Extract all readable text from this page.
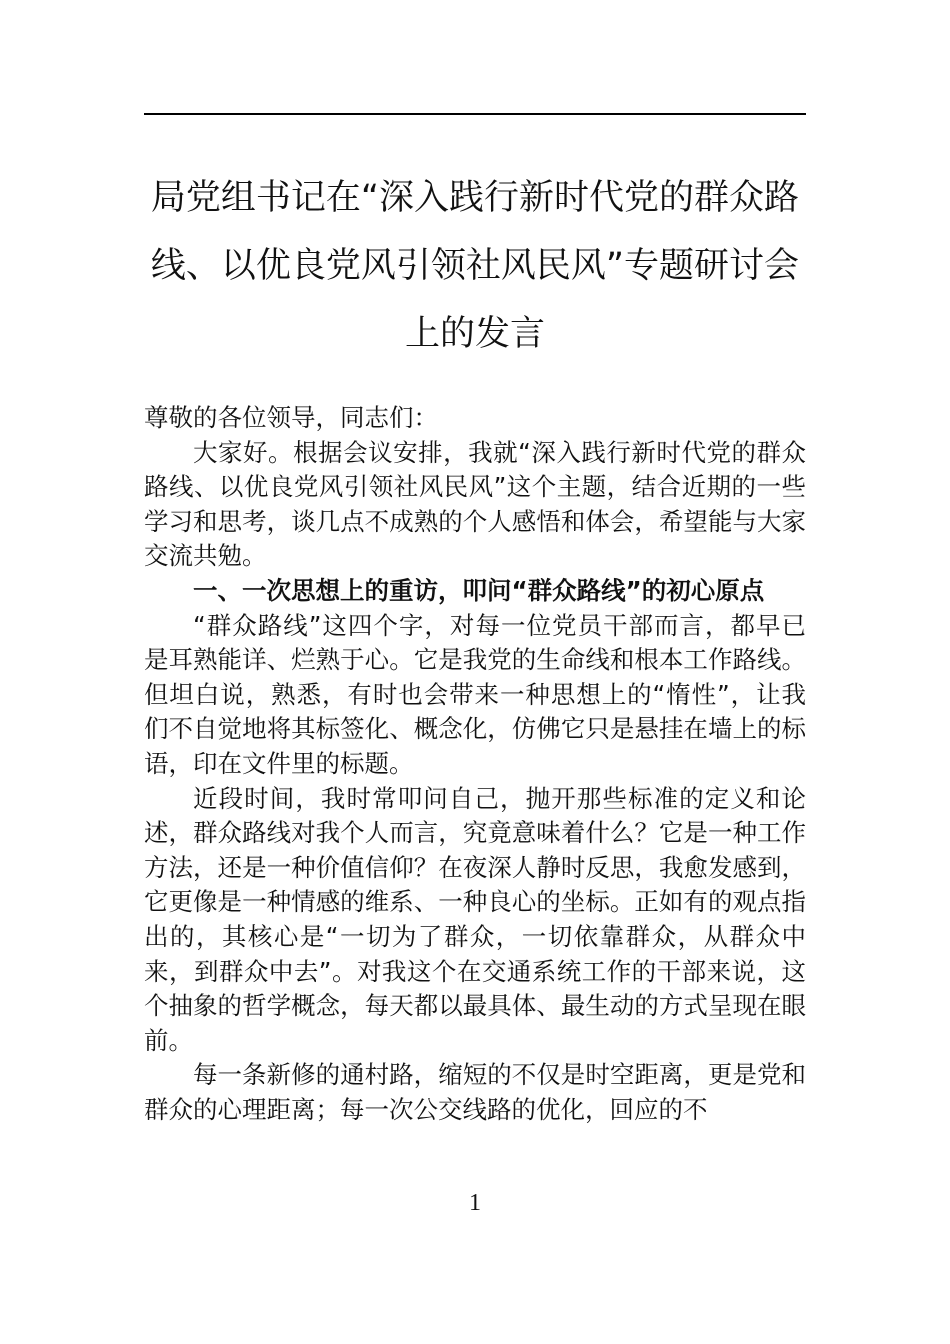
局党组书记在“深入践行新时代党的群众路线、以优良党风引领社风民风”专题研讨会上的发言

尊敬的各位领导，同志们：

大家好。根据会议安排，我就“深入践行新时代党的群众路线、以优良党风引领社风民风”这个主题，结合近期的一些学习和思考，谈几点不成熟的个人感悟和体会，希望能与大家交流共勉。

一、一次思想上的重访，叩问“群众路线”的初心原点

“群众路线”这四个字，对每一位党员干部而言，都早已是耳熟能详、烂熟于心。它是我党的生命线和根本工作路线。但坦白说，熟悉，有时也会带来一种思想上的“惰性”，让我们不自觉地将其标签化、概念化，仿佛它只是悬挂在墙上的标语，印在文件里的标题。

近段时间，我时常叩问自己，抛开那些标准的定义和论述，群众路线对我个人而言，究竟意味着什么？它是一种工作方法，还是一种价值信仰？在夜深人静时反思，我愈发感到，它更像是一种情感的维系、一种良心的坐标。正如有的观点指出的，其核心是“一切为了群众，一切依靠群众，从群众中来，到群众中去”。对我这个在交通系统工作的干部来说，这个抽象的哲学概念，每天都以最具体、最生动的方式呈现在眼前。

每一条新修的通村路，缩短的不仅是时空距离，更是党和群众的心理距离；每一次公交线路的优化，回应的不

1
